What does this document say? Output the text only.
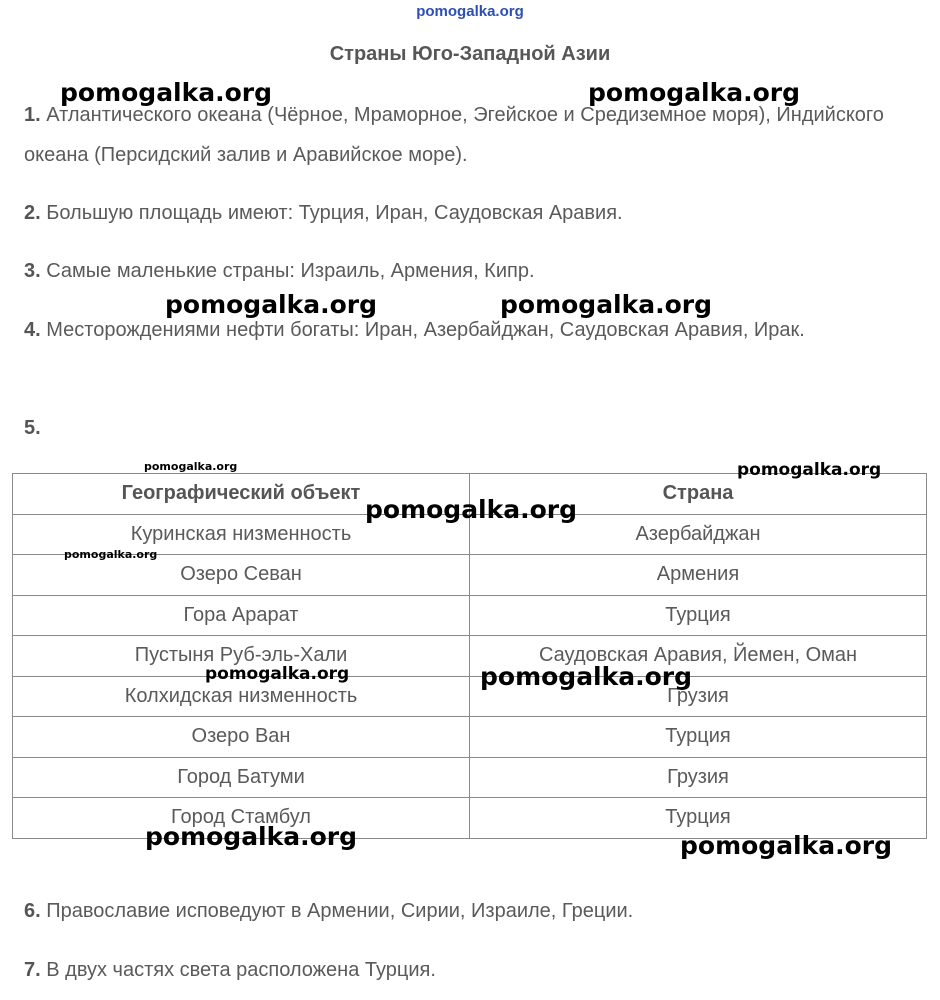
pomogalka.org
Страны Юго-Западной Азии
1. Атлантического океана (Чёрное, Мраморное, Эгейское и Средиземное моря), Индийского океана (Персидский залив и Аравийское море).
2. Большую площадь имеют: Турция, Иран, Саудовская Аравия.
3. Самые маленькие страны: Израиль, Армения, Кипр.
4. Месторождениями нефти богаты: Иран, Азербайджан, Саудовская Аравия, Ирак.
5.
Географический объект	Страна
Куринская низменность	Азербайджан
Озеро Севан	Армения
Гора Арарат	Турция
Пустыня Руб-эль-Хали	Саудовская Аравия, Йемен, Оман
Колхидская низменность	Грузия
Озеро Ван	Турция
Город Батуми	Грузия
Город Стамбул	Турция
6. Православие исповедуют в Армении, Сирии, Израиле, Греции.
7. В двух частях света расположена Турция.
pomogalka.org	pomogalka.org
pomogalka.org	pomogalka.org
pomogalka.org	pomogalka.org
pomogalka.org
pomogalka.org
pomogalka.org	pomogalka.org
pomogalka.org	pomogalka.org
